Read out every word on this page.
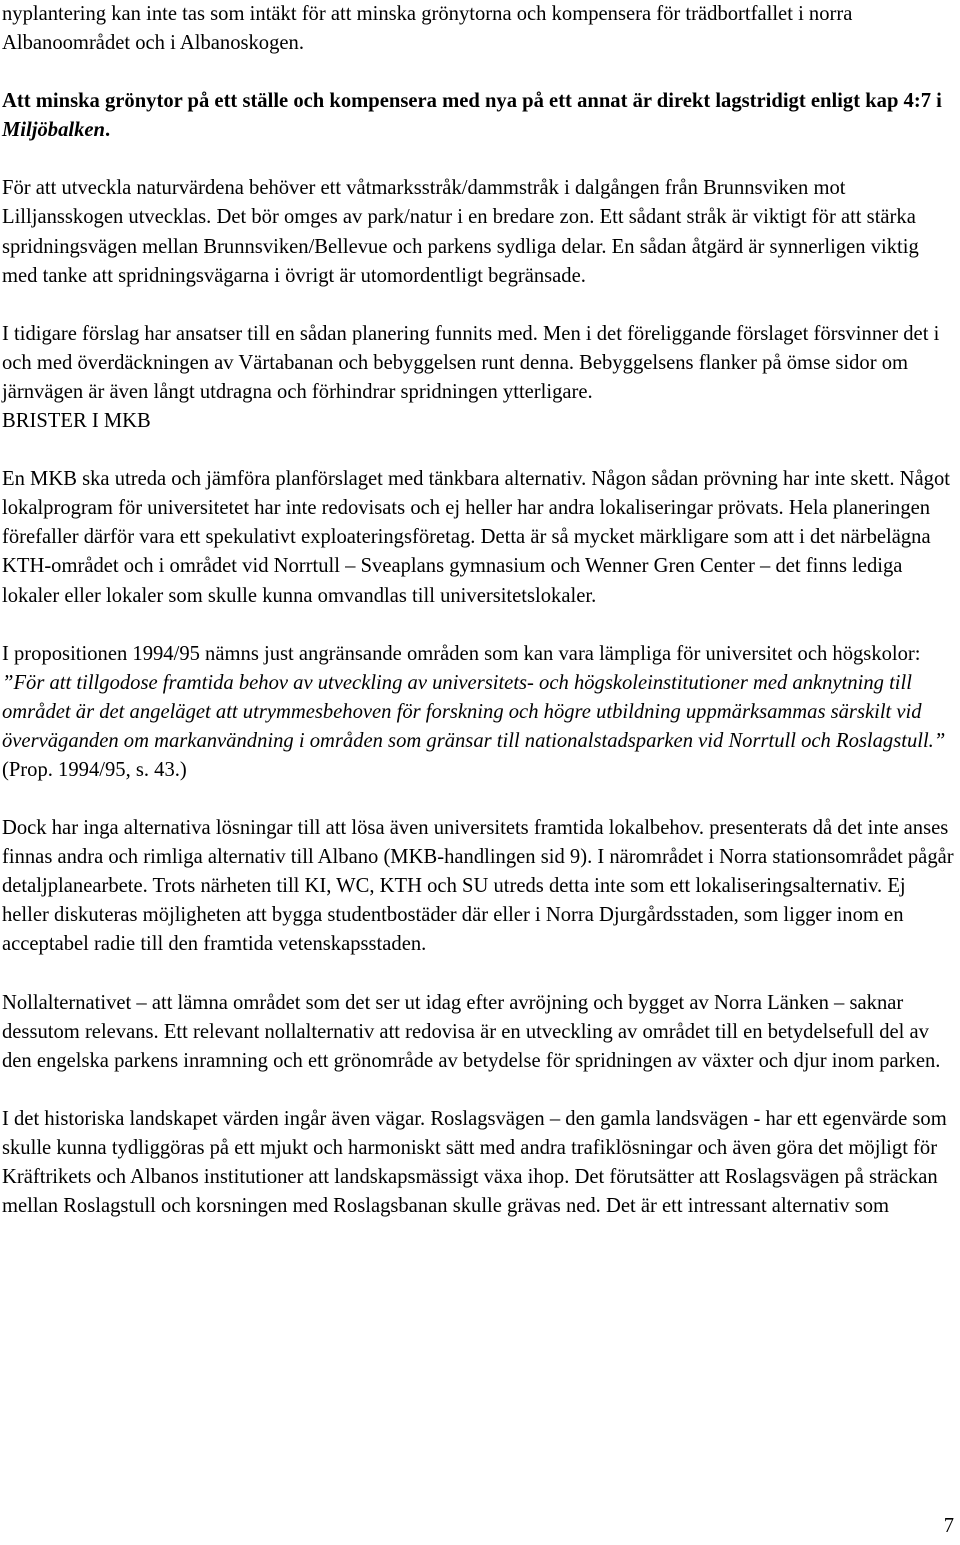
nyplantering kan inte tas som intäkt för att minska grönytorna och kompensera för trädbortfallet i norra Albanoområdet och i Albanoskogen.

Att minska grönytor på ett ställe och kompensera med nya på ett annat är direkt lagstridigt enligt kap 4:7 i Miljöbalken.

För att utveckla naturvärdena behöver ett våtmarksstråk/dammstråk i dalgången från Brunnsviken mot Lilljansskogen utvecklas. Det bör omges av park/natur i en bredare zon. Ett sådant stråk är viktigt för att stärka spridningsvägen mellan Brunnsviken/Bellevue och parkens sydliga delar. En sådan åtgärd är synnerligen viktig med tanke att spridningsvägarna i övrigt är utomordentligt begränsade.

I tidigare förslag har ansatser till en sådan planering funnits med. Men i det föreliggande förslaget försvinner det i och med överdäckningen av Värtabanan och bebyggelsen runt denna. Bebyggelsens flanker på ömse sidor om järnvägen är även långt utdragna och förhindrar spridningen ytterligare.

BRISTER I MKB

En MKB ska utreda och jämföra planförslaget med tänkbara alternativ. Någon sådan prövning har inte skett. Något lokalprogram för universitetet har inte redovisats och ej heller har andra lokaliseringar prövats. Hela planeringen förefaller därför vara ett spekulativt exploateringsföretag. Detta är så mycket märkligare som att i det närbelägna KTH-området och i området vid Norrtull – Sveaplans gymnasium och Wenner Gren Center – det finns lediga lokaler eller lokaler som skulle kunna omvandlas till universitetslokaler.

I propositionen 1994/95 nämns just angränsande områden som kan vara lämpliga för universitet och högskolor:
”För att tillgodose framtida behov av utveckling av universitets- och högskoleinstitutioner med anknytning till området är det angeläget att utrymmesbehoven för forskning och högre utbildning uppmärksammas särskilt vid överväganden om markanvändning i områden som gränsar till nationalstadsparken vid Norrtull och Roslagstull.” (Prop. 1994/95, s. 43.)

Dock har inga alternativa lösningar till att lösa även universitets framtida lokalbehov. presenterats då det inte anses finnas andra och rimliga alternativ till Albano (MKB-handlingen sid 9). I närområdet i Norra stationsområdet pågår detaljplanearbete. Trots närheten till KI, WC, KTH och SU utreds detta inte som ett lokaliseringsalternativ. Ej heller diskuteras möjligheten att bygga studentbostäder där eller i Norra Djurgårdsstaden, som ligger inom en acceptabel radie till den framtida vetenskapsstaden.

Nollalternativet – att lämna området som det ser ut idag efter avröjning och bygget av Norra Länken – saknar dessutom relevans. Ett relevant nollalternativ att redovisa är en utveckling av området till en betydelsefull del av den engelska parkens inramning och ett grönområde av betydelse för spridningen av växter och djur inom parken.

I det historiska landskapet värden ingår även vägar. Roslagsvägen – den gamla landsvägen - har ett egenvärde som skulle kunna tydliggöras på ett mjukt och harmoniskt sätt med andra trafiklösningar och även göra det möjligt för Kräftrikets och Albanos institutioner att landskapsmässigt växa ihop. Det förutsätter att Roslagsvägen på sträckan mellan Roslagstull och korsningen med Roslagsbanan skulle grävas ned. Det är ett intressant alternativ som

7
